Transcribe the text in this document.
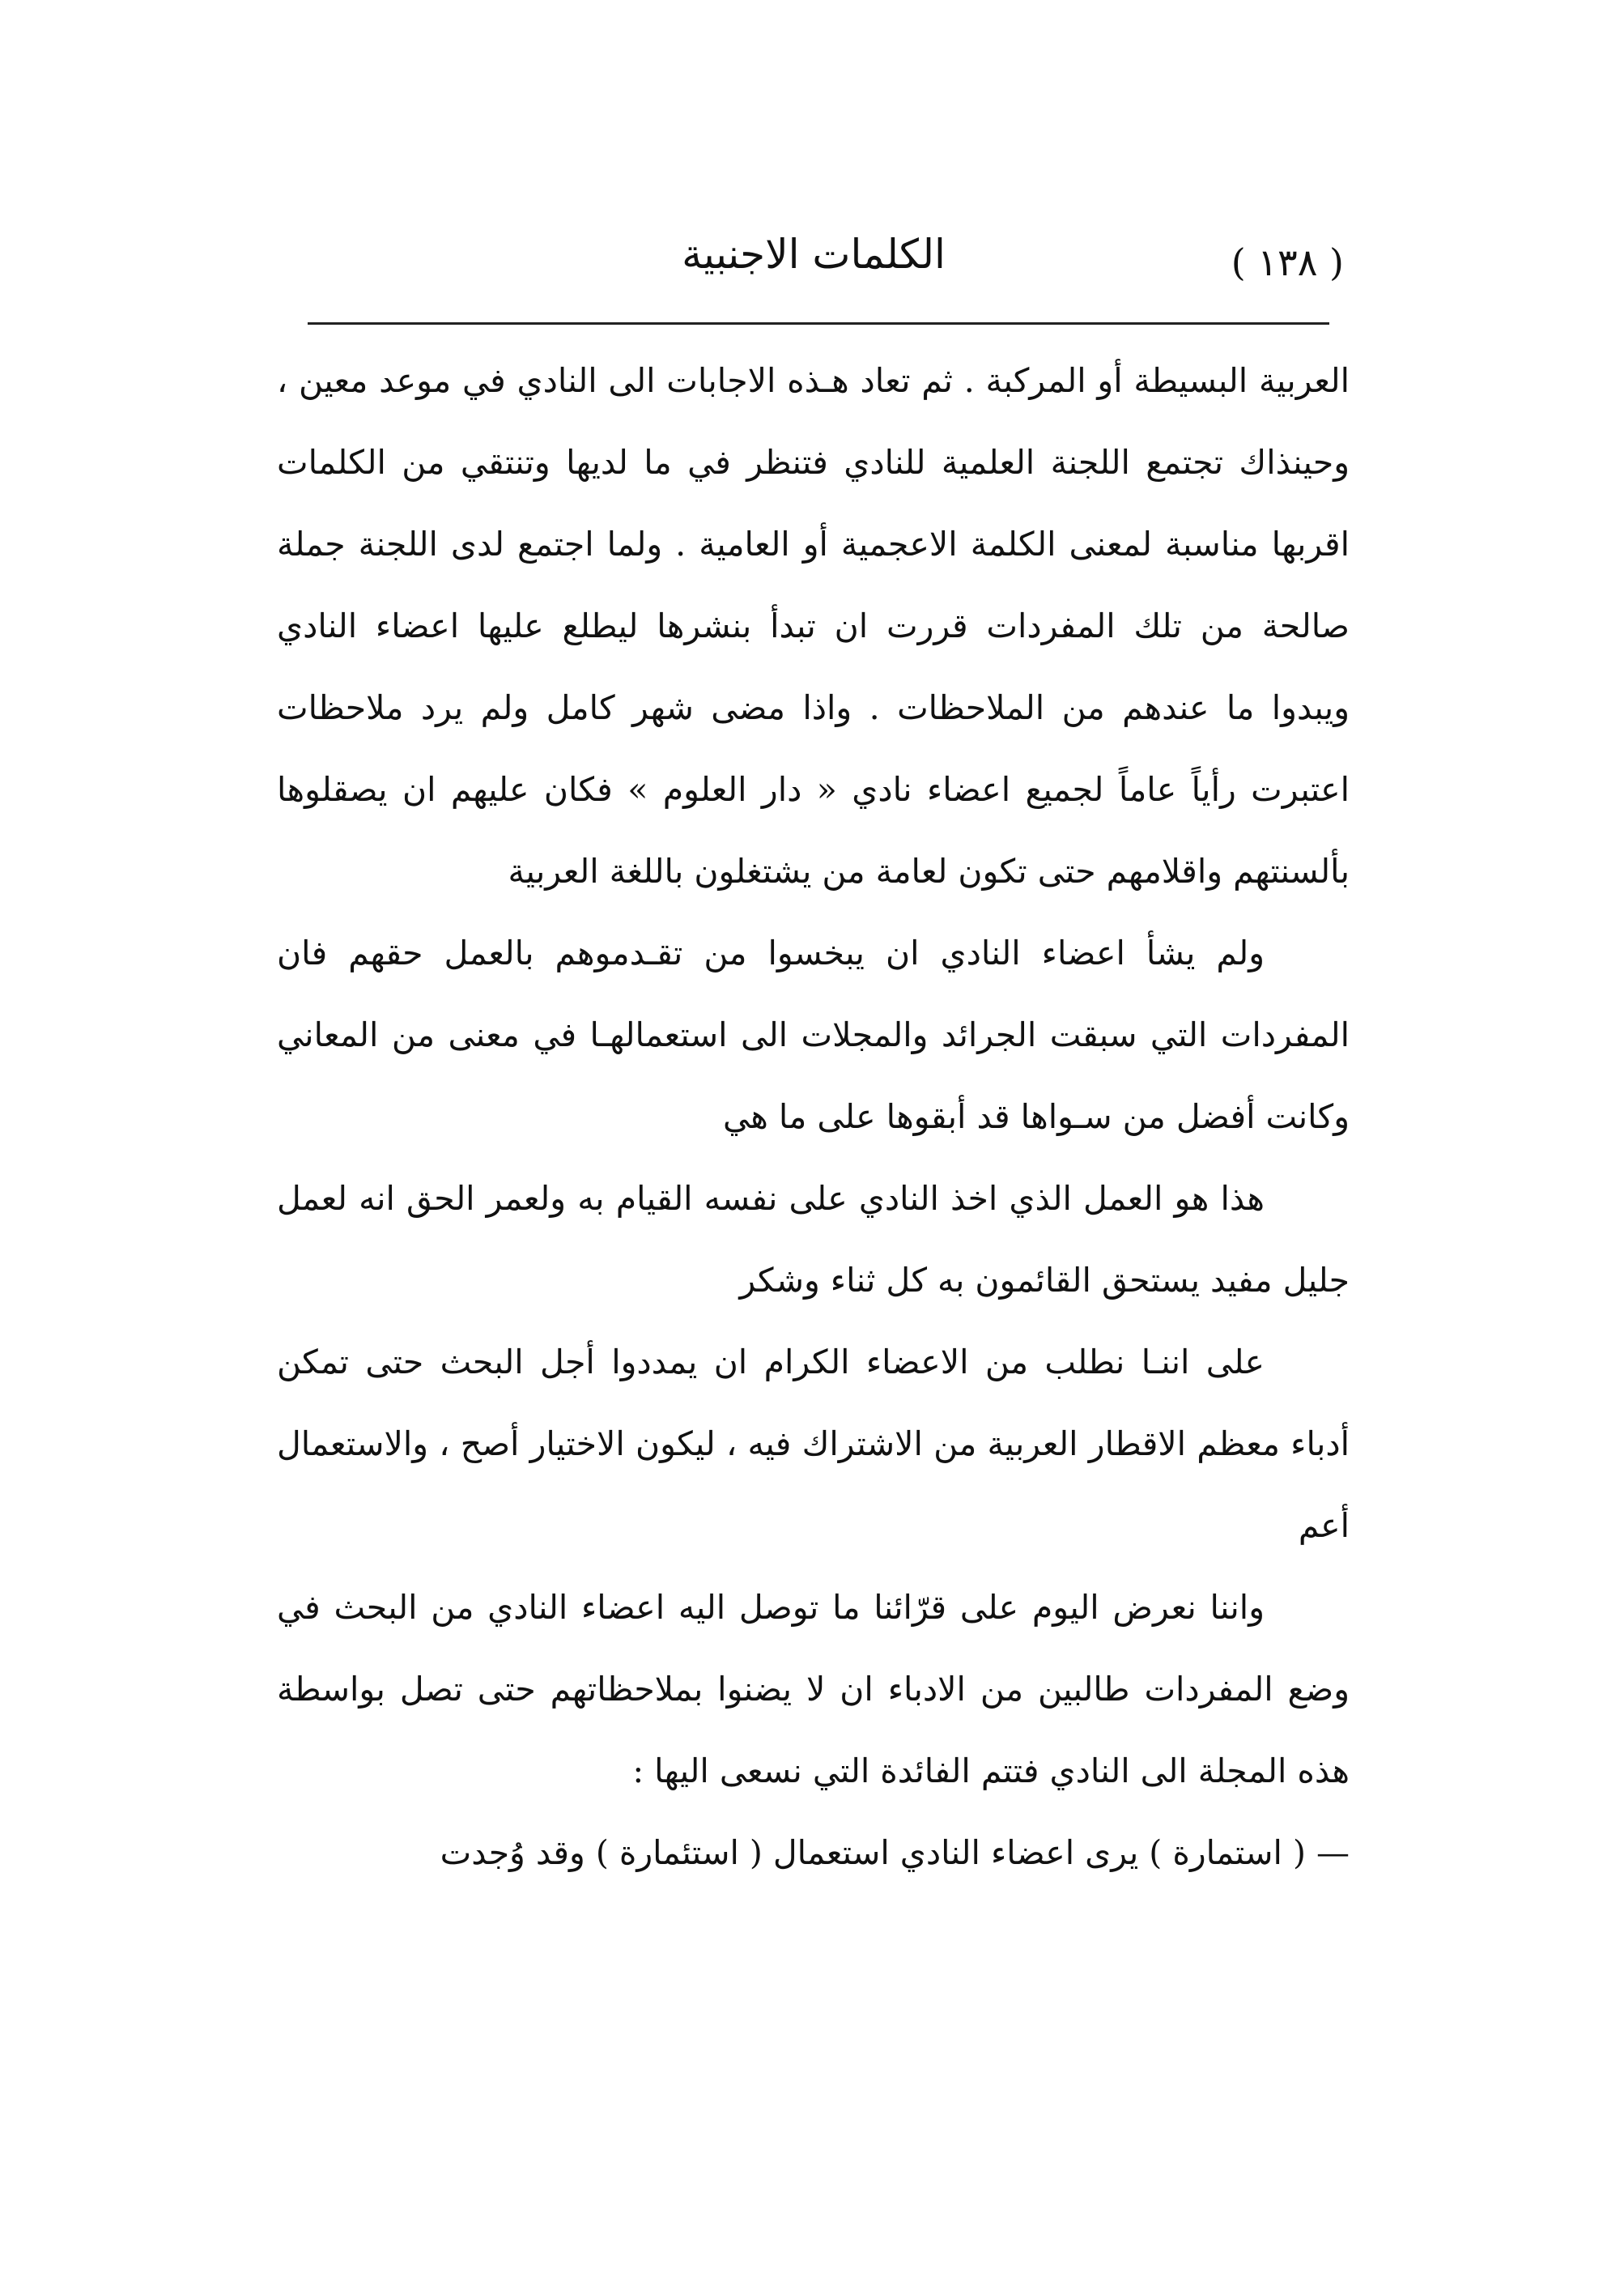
( ١٣٨ )
الكلمات الاجنبية

العربية البسيطة أو المركبة . ثم تعاد هـذه الاجابات الى النادي في موعد معين ، وحينذاك تجتمع اللجنة العلمية للنادي فتنظر في ما لديها وتنتقي من الكلمات اقربها مناسبة لمعنى الكلمة الاعجمية أو العامية . ولما اجتمع لدى اللجنة جملة صالحة من تلك المفردات قررت ان تبدأ بنشرها ليطلع عليها اعضاء النادي ويبدوا ما عندهم من الملاحظات . واذا مضى شهر كامل ولم يرد ملاحظات اعتبرت رأياً عاماً لجميع اعضاء نادي « دار العلوم » فكان عليهم ان يصقلوها بألسنتهم واقلامهم حتى تكون لعامة من يشتغلون باللغة العربية

ولم يشأ اعضاء النادي ان يبخسوا من تقـدموهم بالعمل حقهم فان المفردات التي سبقت الجرائد والمجلات الى استعمالهـا في معنى من المعاني وكانت أفضل من سـواها قد أبقوها على ما هي

هذا هو العمل الذي اخذ النادي على نفسه القيام به ولعمر الحق انه لعمل جليل مفيد يستحق القائمون به كل ثناء وشكر

على اننـا نطلب من الاعضاء الكرام ان يمددوا أجل البحث حتى تمكن أدباء معظم الاقطار العربية من الاشتراك فيه ، ليكون الاختيار أصح ، والاستعمال أعم

واننا نعرض اليوم على قرّائنا ما توصل اليه اعضاء النادي من البحث في وضع المفردات طالبين من الادباء ان لا يضنوا بملاحظاتهم حتى تصل بواسطة هذه المجلة الى النادي فتتم الفائدة التي نسعى اليها :

— ( استمارة ) يرى اعضاء النادي استعمال ( استئمارة ) وقد وُجدت
